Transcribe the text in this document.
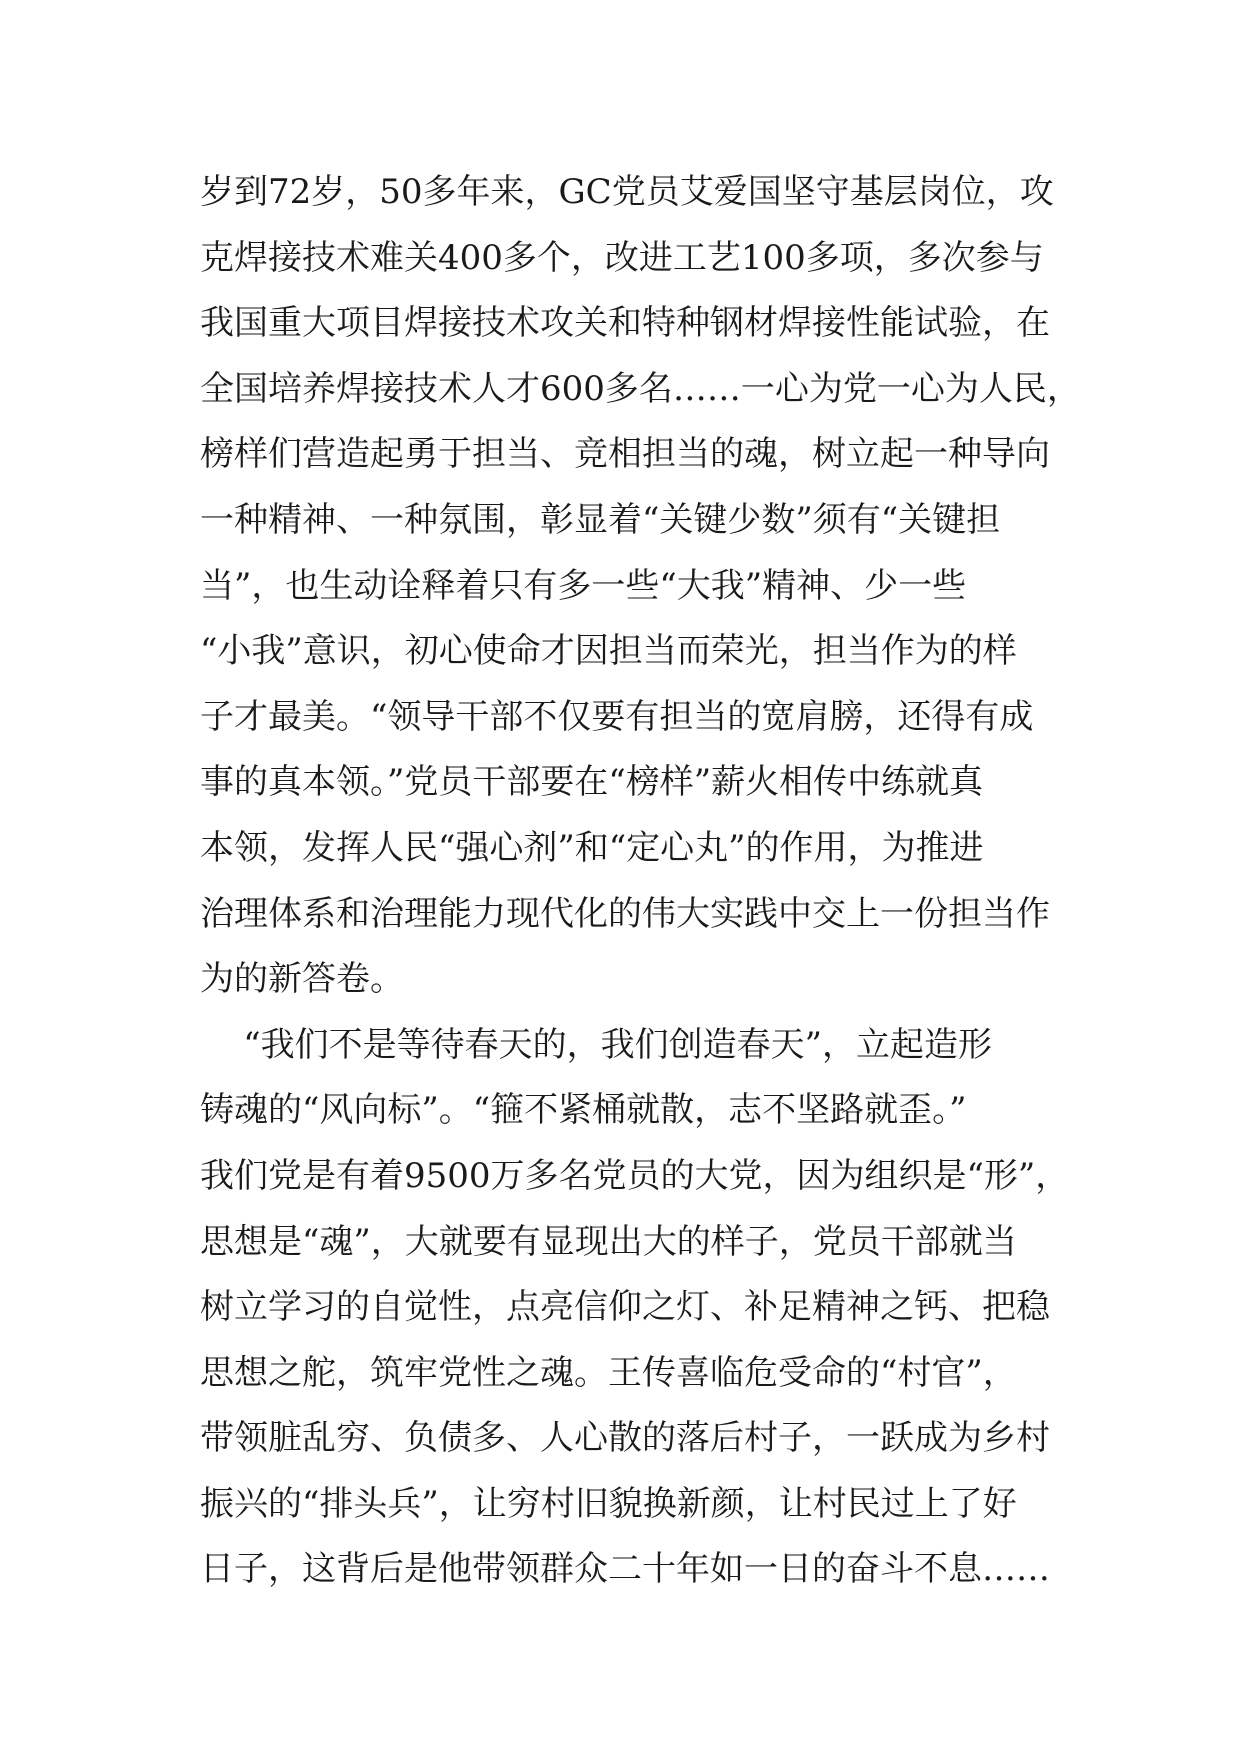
岁到72岁，50多年来，GC党员艾爱国坚守基层岗位，攻
克焊接技术难关400多个，改进工艺100多项，多次参与
我国重大项目焊接技术攻关和特种钢材焊接性能试验，在
全国培养焊接技术人才600多名……一心为党一心为人民，
榜样们营造起勇于担当、竞相担当的魂，树立起一种导向
一种精神、一种氛围，彰显着“关键少数”须有“关键担
当”，也生动诠释着只有多一些“大我”精神、少一些
“小我”意识，初心使命才因担当而荣光，担当作为的样
子才最美。“领导干部不仅要有担当的宽肩膀，还得有成
事的真本领。”党员干部要在“榜样”薪火相传中练就真
本领，发挥人民“强心剂”和“定心丸”的作用，为推进
治理体系和治理能力现代化的伟大实践中交上一份担当作
为的新答卷。
“我们不是等待春天的，我们创造春天”，立起造形
铸魂的“风向标”。“箍不紧桶就散，志不坚路就歪。”
我们党是有着9500万多名党员的大党，因为组织是“形”，
思想是“魂”，大就要有显现出大的样子，党员干部就当
树立学习的自觉性，点亮信仰之灯、补足精神之钙、把稳
思想之舵，筑牢党性之魂。王传喜临危受命的“村官”，
带领脏乱穷、负债多、人心散的落后村子，一跃成为乡村
振兴的“排头兵”，让穷村旧貌换新颜，让村民过上了好
日子，这背后是他带领群众二十年如一日的奋斗不息……
